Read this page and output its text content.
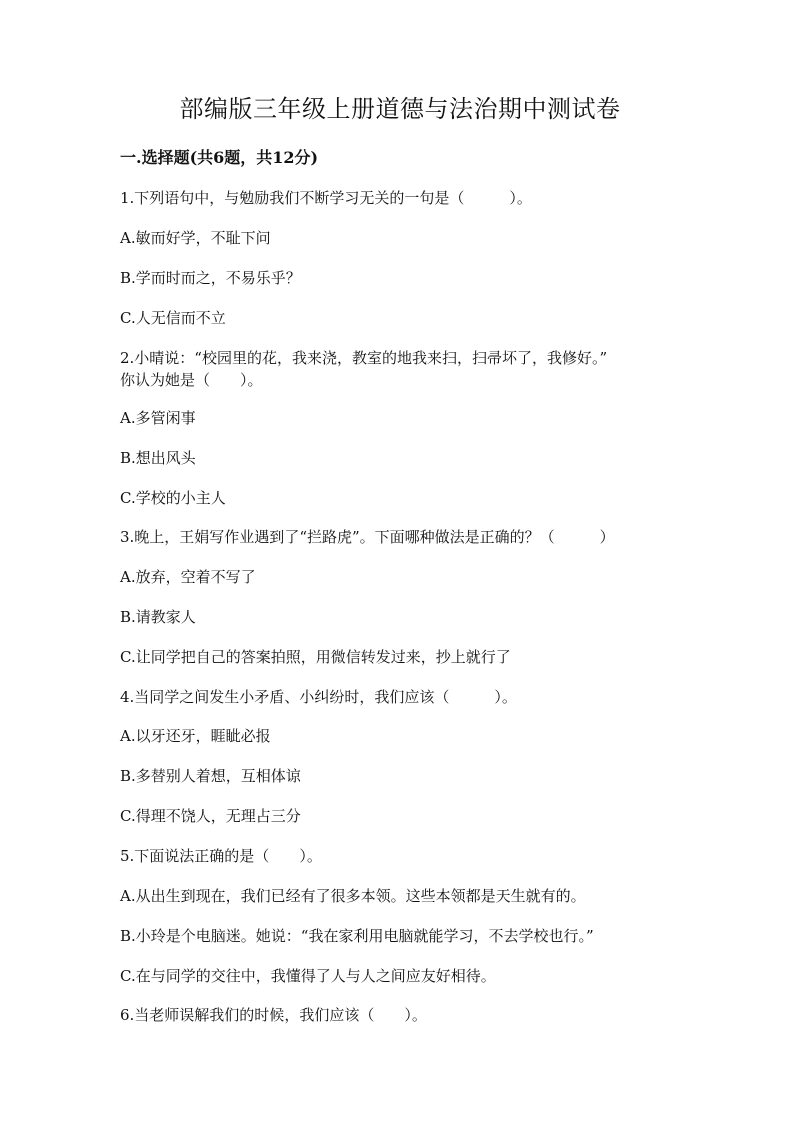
部编版三年级上册道德与法治期中测试卷
一.选择题(共6题，共12分)

1.下列语句中，与勉励我们不断学习无关的一句是（　　　）。

A.敏而好学，不耻下问

B.学而时而之，不易乐乎？

C.人无信而不立

2.小晴说：“校园里的花，我来浇，教室的地我来扫，扫帚坏了，我修好。”

你认为她是（　　）。

A.多管闲事

B.想出风头

C.学校的小主人

3.晚上，王娟写作业遇到了“拦路虎”。下面哪种做法是正确的？（　　　）

A.放弃，空着不写了

B.请教家人

C.让同学把自己的答案拍照，用微信转发过来，抄上就行了

4.当同学之间发生小矛盾、小纠纷时，我们应该（　　　）。

A.以牙还牙，睚眦必报

B.多替别人着想，互相体谅

C.得理不饶人，无理占三分

5.下面说法正确的是（　　）。

A.从出生到现在，我们已经有了很多本领。这些本领都是天生就有的。

B.小玲是个电脑迷。她说：“我在家利用电脑就能学习，不去学校也行。”

C.在与同学的交往中，我懂得了人与人之间应友好相待。

6.当老师误解我们的时候，我们应该（　　）。
